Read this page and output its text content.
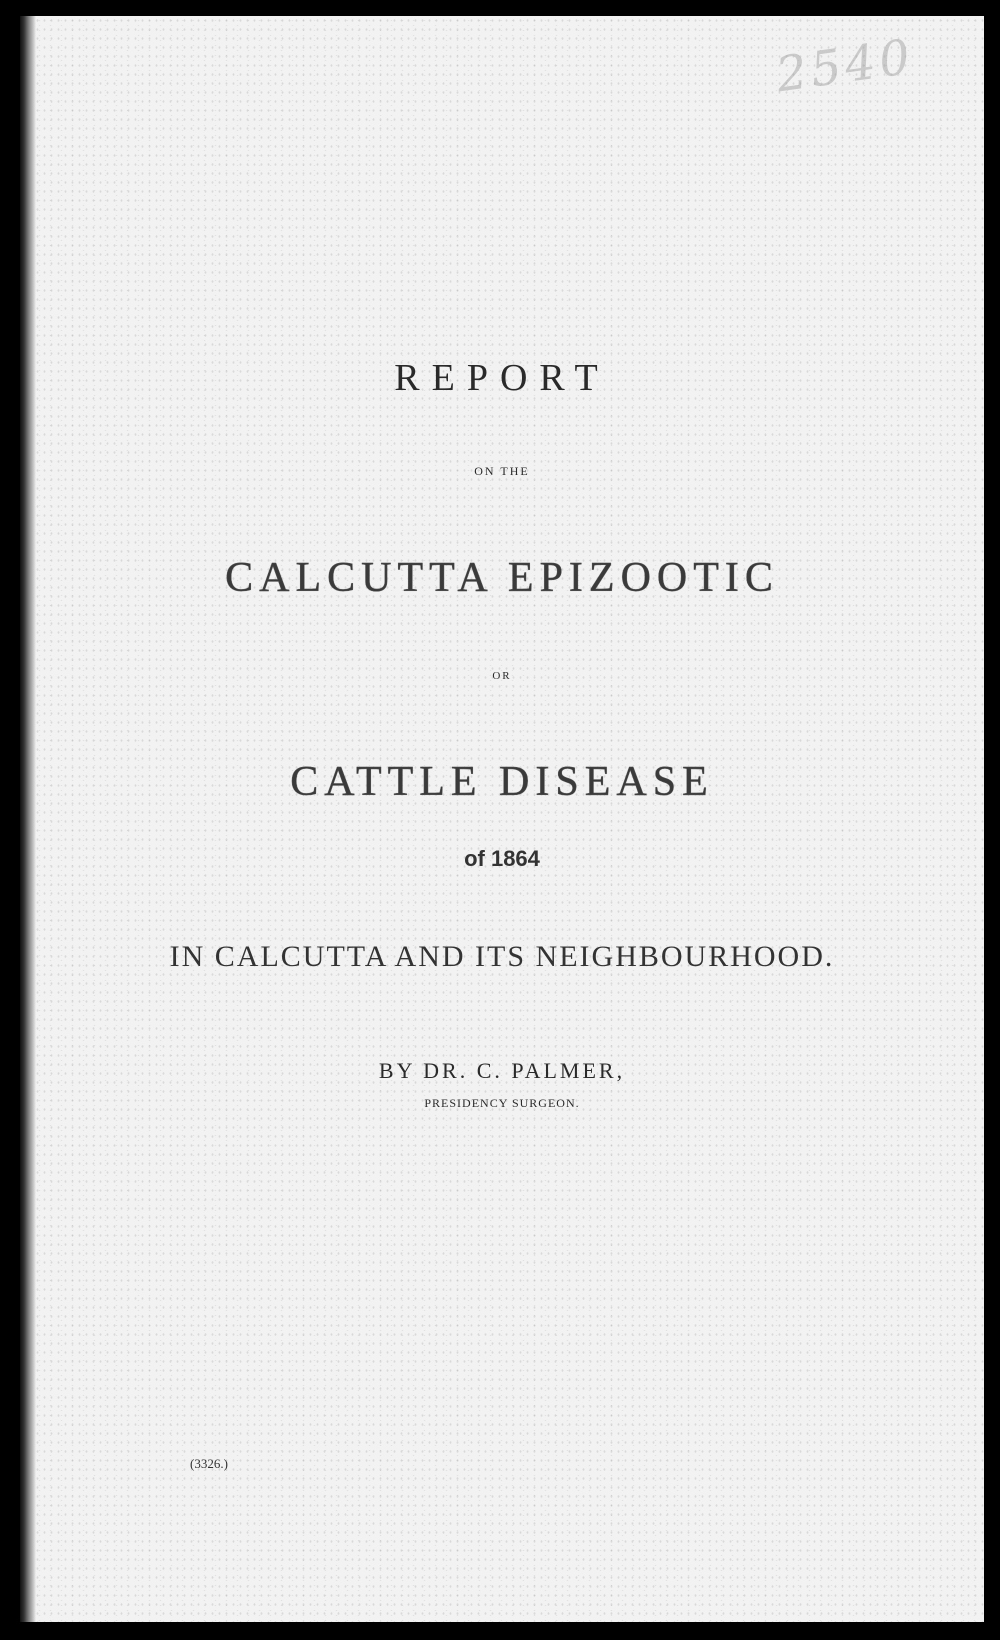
2540
REPORT
ON THE
CALCUTTA EPIZOOTIC
OR
CATTLE DISEASE
of 1864
IN CALCUTTA AND ITS NEIGHBOURHOOD.
BY DR. C. PALMER,
PRESIDENCY SURGEON.
(3326.)
